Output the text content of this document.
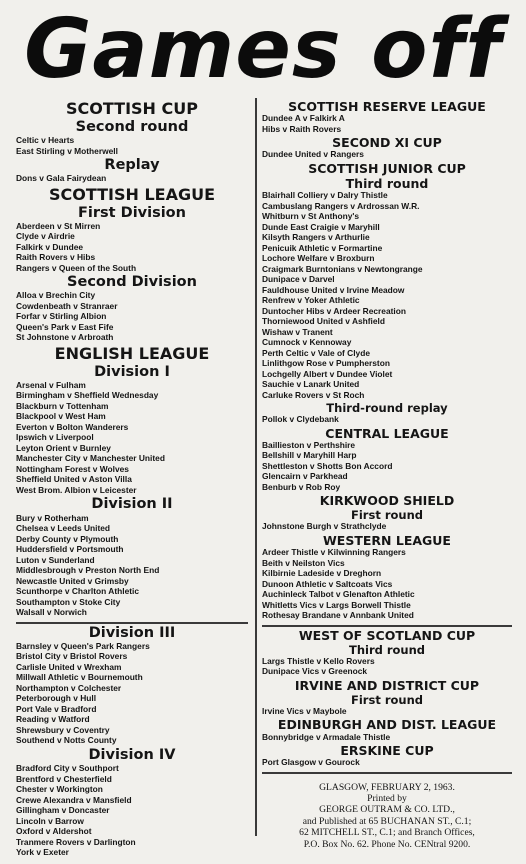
Games off
SCOTTISH CUP
Second round
Celtic v Hearts
East Stirling v Motherwell
Replay
Dons v Gala Fairydean
SCOTTISH LEAGUE
First Division
Aberdeen v St Mirren
Clyde v Airdrie
Falkirk v Dundee
Raith Rovers v Hibs
Rangers v Queen of the South
Second Division
Alloa v Brechin City
Cowdenbeath v Stranraer
Forfar v Stirling Albion
Queen's Park v East Fife
St Johnstone v Arbroath
ENGLISH LEAGUE
Division I
Arsenal v Fulham
Birmingham v Sheffield Wednesday
Blackburn v Tottenham
Blackpool v West Ham
Everton v Bolton Wanderers
Ipswich v Liverpool
Leyton Orient v Burnley
Manchester City v Manchester United
Nottingham Forest v Wolves
Sheffield United v Aston Villa
West Brom. Albion v Leicester
Division II
Bury v Rotherham
Chelsea v Leeds United
Derby County v Plymouth
Huddersfield v Portsmouth
Luton v Sunderland
Middlesbrough v Preston North End
Newcastle United v Grimsby
Scunthorpe v Charlton Athletic
Southampton v Stoke City
Walsall v Norwich
Division III
Barnsley v Queen's Park Rangers
Bristol City v Bristol Rovers
Carlisle United v Wrexham
Millwall Athletic v Bournemouth
Northampton v Colchester
Peterborough v Hull
Port Vale v Bradford
Reading v Watford
Shrewsbury v Coventry
Southend v Notts County
Division IV
Bradford City v Southport
Brentford v Chesterfield
Chester v Workington
Crewe Alexandra v Mansfield
Gillingham v Doncaster
Lincoln v Barrow
Oxford v Aldershot
Tranmere Rovers v Darlington
York v Exeter
SCOTTISH RESERVE LEAGUE
Dundee A v Falkirk A
Hibs v Raith Rovers
SECOND XI CUP
Dundee United v Rangers
SCOTTISH JUNIOR CUP
Third round
Blairhall Colliery v Dalry Thistle
Cambuslang Rangers v Ardrossan W.R.
Whitburn v St Anthony's
Dunde East Craigie v Maryhill
Kilsyth Rangers v Arthurlie
Penicuik Athletic v Formartine
Lochore Welfare v Broxburn
Craigmark Burntonians v Newtongrange
Dunipace v Darvel
Fauldhouse United v Irvine Meadow
Renfrew v Yoker Athletic
Duntocher Hibs v Ardeer Recreation
Thorniewood United v Ashfield
Wishaw v Tranent
Cumnock v Kennoway
Perth Celtic v Vale of Clyde
Linlithgow Rose v Pumpherston
Lochgelly Albert v Dundee Violet
Sauchie v Lanark United
Carluke Rovers v St Roch
Third-round replay
Pollok v Clydebank
CENTRAL LEAGUE
Baillieston v Perthshire
Bellshill v Maryhill Harp
Shettleston v Shotts Bon Accord
Glencairn v Parkhead
Benburb v Rob Roy
KIRKWOOD SHIELD
First round
Johnstone Burgh v Strathclyde
WESTERN LEAGUE
Ardeer Thistle v Kilwinning Rangers
Beith v Neilston Vics
Kilbirnie Ladeside v Dreghorn
Dunoon Athletic v Saltcoats Vics
Auchinleck Talbot v Glenafton Athletic
Whitletts Vics v Largs Borwell Thistle
Rothesay Brandane v Annbank United
WEST OF SCOTLAND CUP
Third round
Largs Thistle v Kello Rovers
Dunipace Vics v Greenock
IRVINE AND DISTRICT CUP
First round
Irvine Vics v Maybole
EDINBURGH AND DIST. LEAGUE
Bonnybridge v Armadale Thistle
ERSKINE CUP
Port Glasgow v Gourock
GLASGOW, FEBRUARY 2, 1963.
Printed by
GEORGE OUTRAM & CO. LTD.,
and Published at 65 BUCHANAN ST., C.1;
62 MITCHELL ST., C.1; and Branch Offices,
P.O. Box No. 62. Phone No. CENtral 9200.
